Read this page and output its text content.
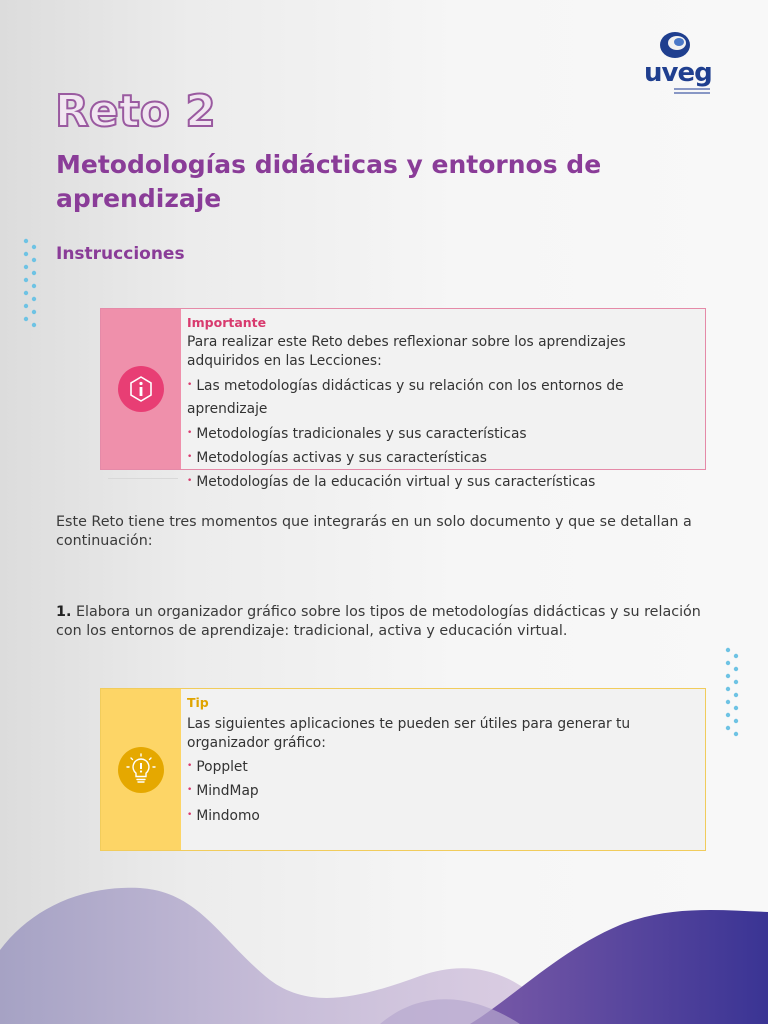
uveg
Reto 2
Metodologías didácticas y entornos de aprendizaje
Instrucciones
Importante
Para realizar este Reto debes reflexionar sobre los aprendizajes adquiridos en las Lecciones:
• Las metodologías didácticas y su relación con los entornos de aprendizaje
• Metodologías tradicionales y sus características
• Metodologías activas y sus características
• Metodologías de la educación virtual y sus características
Este Reto tiene tres momentos que integrarás en un solo documento y que se detallan a continuación:
1. Elabora un organizador gráfico sobre los tipos de metodologías didácticas y su relación con los entornos de aprendizaje: tradicional, activa y educación virtual.
Tip
Las siguientes aplicaciones te pueden ser útiles para generar tu organizador gráfico:
• Popplet
• MindMap
• Mindomo
